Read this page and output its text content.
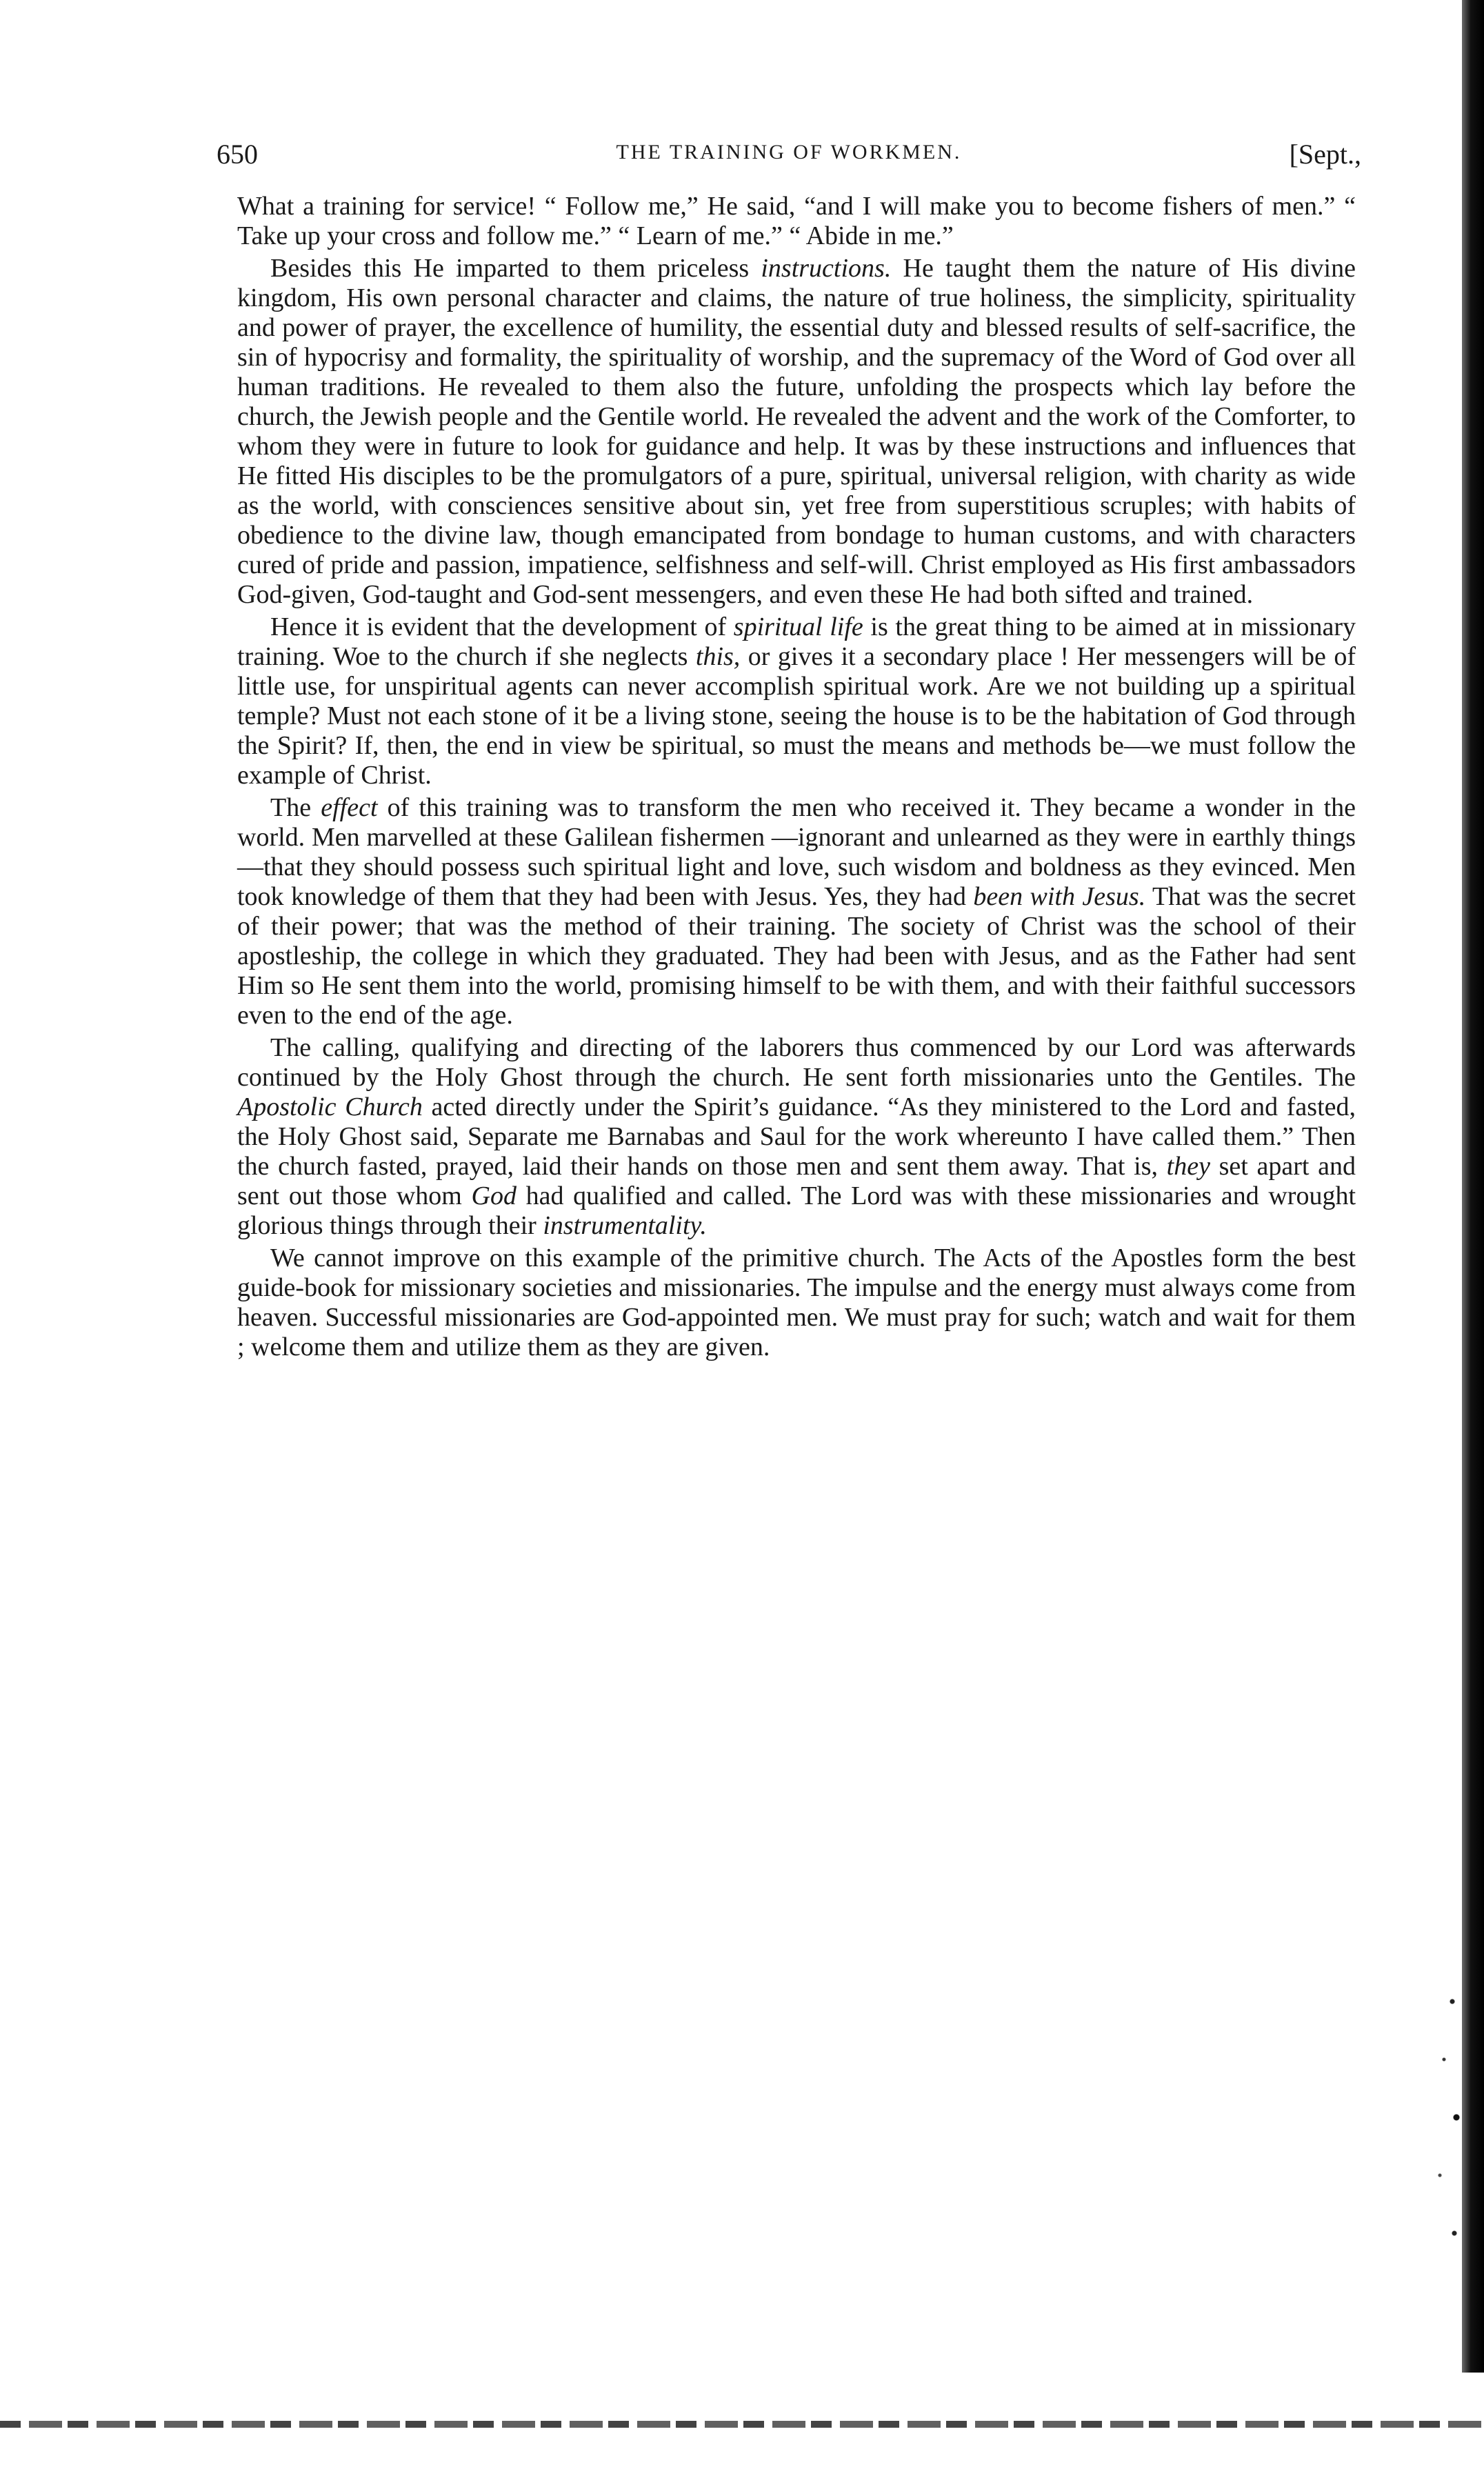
650	THE TRAINING OF WORKMEN.	[Sept.,

What a training for service! “ Follow me,” He said, “and I will make you to become fishers of men.” “ Take up your cross and follow me.” “ Learn of me.” “ Abide in me.”

Besides this He imparted to them priceless instructions. He taught them the nature of His divine kingdom, His own personal character and claims, the nature of true holiness, the simplicity, spirituality and power of prayer, the excellence of humility, the essential duty and blessed results of self-sacrifice, the sin of hypocrisy and formality, the spirituality of worship, and the supremacy of the Word of God over all human traditions. He revealed to them also the future, unfolding the prospects which lay before the church, the Jewish people and the Gentile world. He revealed the advent and the work of the Comforter, to whom they were in future to look for guidance and help. It was by these instructions and influences that He fitted His disciples to be the promulgators of a pure, spiritual, universal religion, with charity as wide as the world, with consciences sensitive about sin, yet free from superstitious scruples; with habits of obedience to the divine law, though emancipated from bondage to human customs, and with characters cured of pride and passion, impatience, selfishness and self-will. Christ employed as His first ambassadors God-given, God-taught and God-sent messengers, and even these He had both sifted and trained.

Hence it is evident that the development of spiritual life is the great thing to be aimed at in missionary training. Woe to the church if she neglects this, or gives it a secondary place ! Her messengers will be of little use, for unspiritual agents can never accomplish spiritual work. Are we not building up a spiritual temple? Must not each stone of it be a living stone, seeing the house is to be the habitation of God through the Spirit? If, then, the end in view be spiritual, so must the means and methods be—we must follow the example of Christ.

The effect of this training was to transform the men who received it. They became a wonder in the world. Men marvelled at these Galilean fishermen —ignorant and unlearned as they were in earthly things—that they should possess such spiritual light and love, such wisdom and boldness as they evinced. Men took knowledge of them that they had been with Jesus. Yes, they had been with Jesus. That was the secret of their power; that was the method of their training. The society of Christ was the school of their apostleship, the college in which they graduated. They had been with Jesus, and as the Father had sent Him so He sent them into the world, promising himself to be with them, and with their faithful successors even to the end of the age.

The calling, qualifying and directing of the laborers thus commenced by our Lord was afterwards continued by the Holy Ghost through the church. He sent forth missionaries unto the Gentiles. The Apostolic Church acted directly under the Spirit’s guidance. “As they ministered to the Lord and fasted, the Holy Ghost said, Separate me Barnabas and Saul for the work whereunto I have called them.” Then the church fasted, prayed, laid their hands on those men and sent them away. That is, they set apart and sent out those whom God had qualified and called. The Lord was with these missionaries and wrought glorious things through their instrumentality.

We cannot improve on this example of the primitive church. The Acts of the Apostles form the best guide-book for missionary societies and missionaries. The impulse and the energy must always come from heaven. Successful missionaries are God-appointed men. We must pray for such; watch and wait for them ; welcome them and utilize them as they are given.
